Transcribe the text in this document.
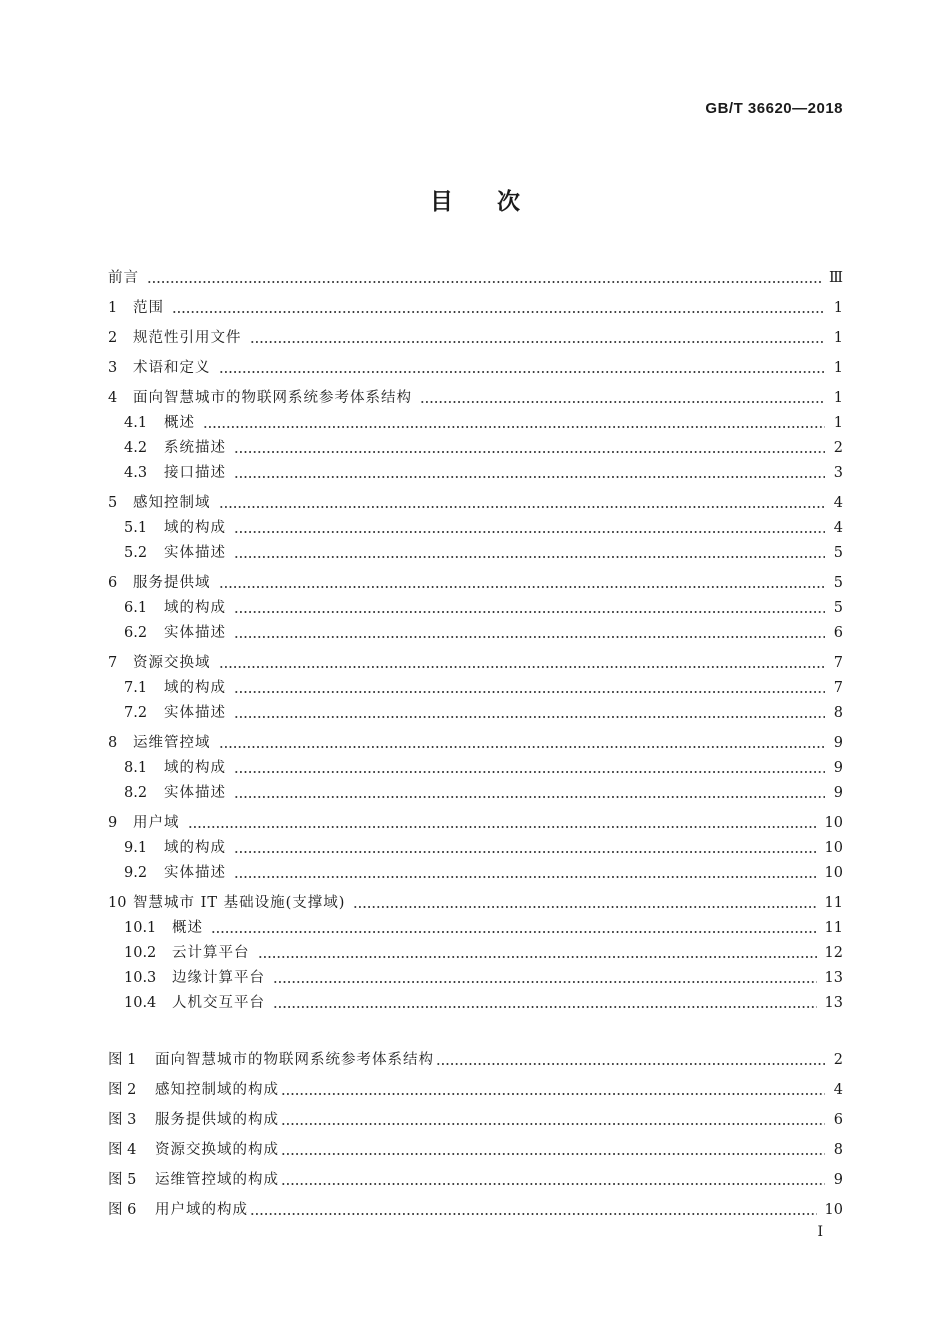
GB/T 36620—2018
目次
前言	Ⅲ
1	范围	1
2	规范性引用文件	1
3	术语和定义	1
4	面向智慧城市的物联网系统参考体系结构	1
4.1	概述	1
4.2	系统描述	2
4.3	接口描述	3
5	感知控制域	4
5.1	域的构成	4
5.2	实体描述	5
6	服务提供域	5
6.1	域的构成	5
6.2	实体描述	6
7	资源交换域	7
7.1	域的构成	7
7.2	实体描述	8
8	运维管控域	9
8.1	域的构成	9
8.2	实体描述	9
9	用户域	10
9.1	域的构成	10
9.2	实体描述	10
10 智慧城市 IT 基础设施(支撑域)	11
10.1	概述	11
10.2	云计算平台	12
10.3	边缘计算平台	13
10.4	人机交互平台	13
图 1	面向智慧城市的物联网系统参考体系结构	2
图 2	感知控制域的构成	4
图 3	服务提供域的构成	6
图 4	资源交换域的构成	8
图 5	运维管控域的构成	9
图 6	用户域的构成	10
I
